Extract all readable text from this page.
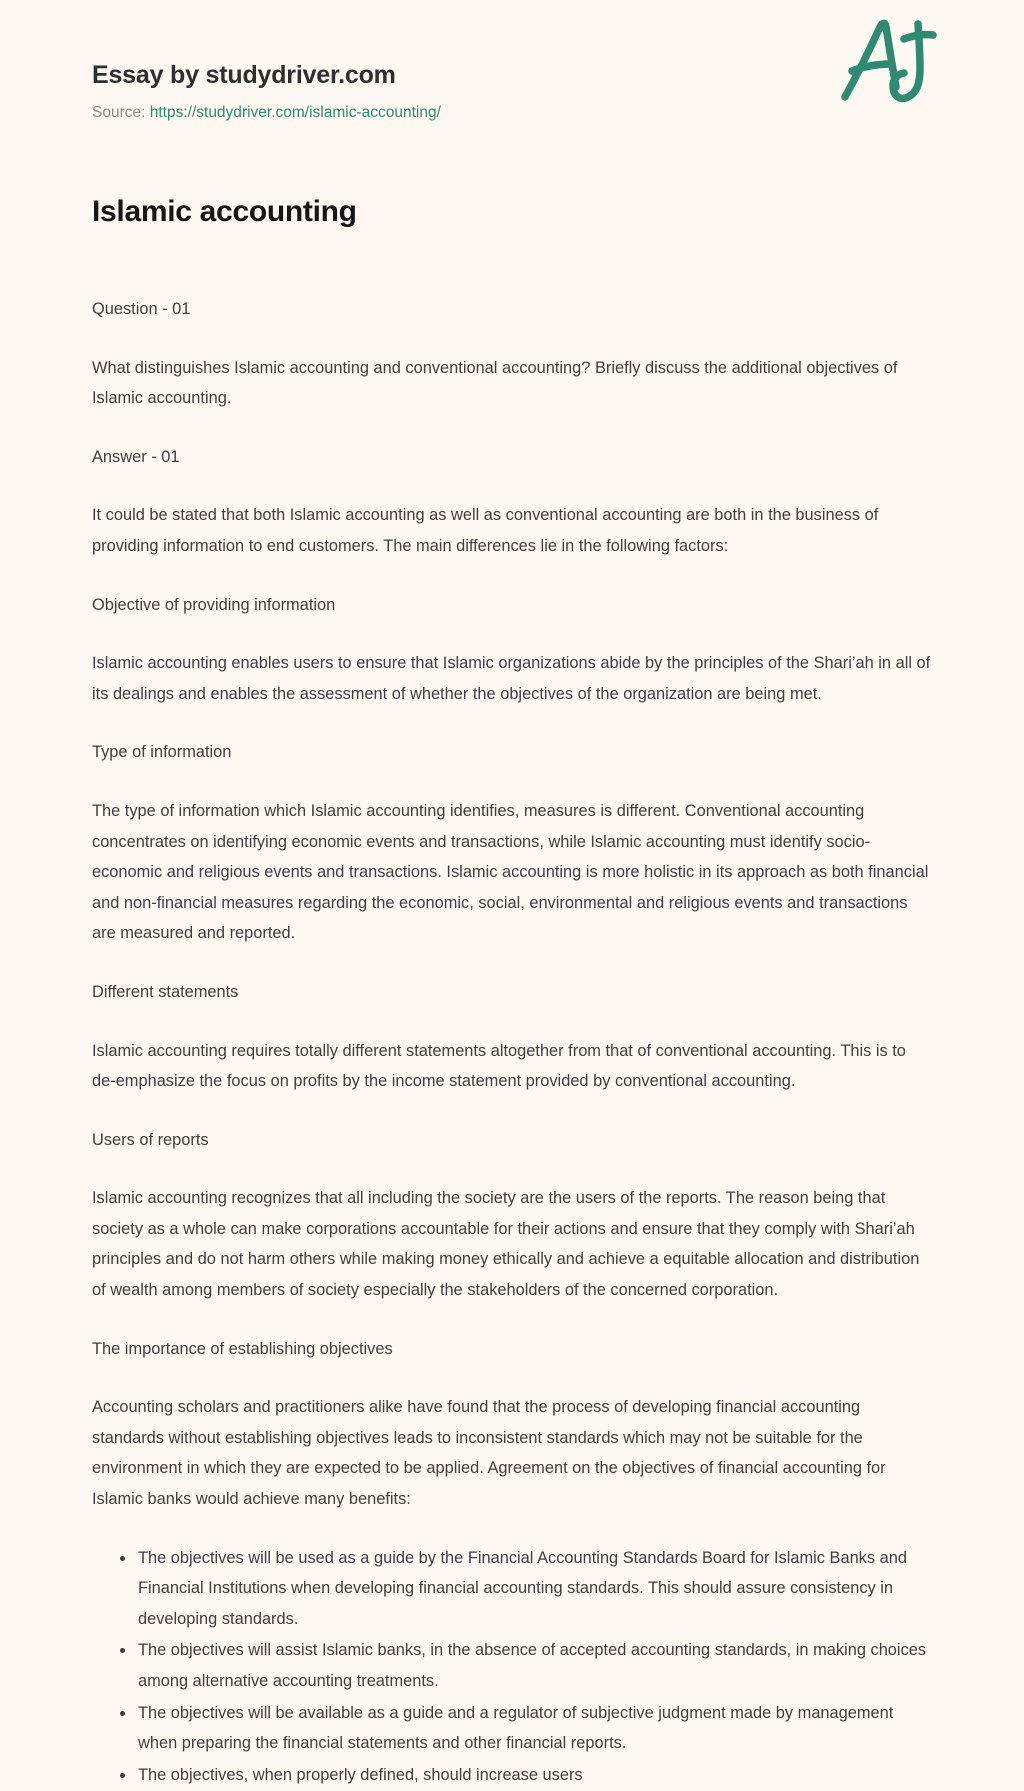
Essay by studydriver.com
Source: https://studydriver.com/islamic-accounting/
Islamic accounting

Question - 01

What distinguishes Islamic accounting and conventional accounting? Briefly discuss the additional objectives of Islamic accounting.

Answer - 01

It could be stated that both Islamic accounting as well as conventional accounting are both in the business of providing information to end customers. The main differences lie in the following factors:

Objective of providing information

Islamic accounting enables users to ensure that Islamic organizations abide by the principles of the Shari’ah in all of its dealings and enables the assessment of whether the objectives of the organization are being met.

Type of information

The type of information which Islamic accounting identifies, measures is different. Conventional accounting concentrates on identifying economic events and transactions, while Islamic accounting must identify socio-economic and religious events and transactions. Islamic accounting is more holistic in its approach as both financial and non-financial measures regarding the economic, social, environmental and religious events and transactions are measured and reported.

Different statements

Islamic accounting requires totally different statements altogether from that of conventional accounting. This is to de-emphasize the focus on profits by the income statement provided by conventional accounting.

Users of reports

Islamic accounting recognizes that all including the society are the users of the reports. The reason being that society as a whole can make corporations accountable for their actions and ensure that they comply with Shari’ah principles and do not harm others while making money ethically and achieve a equitable allocation and distribution of wealth among members of society especially the stakeholders of the concerned corporation.

The importance of establishing objectives

Accounting scholars and practitioners alike have found that the process of developing financial accounting standards without establishing objectives leads to inconsistent standards which may not be suitable for the environment in which they are expected to be applied. Agreement on the objectives of financial accounting for Islamic banks would achieve many benefits:

The objectives will be used as a guide by the Financial Accounting Standards Board for Islamic Banks and Financial Institutions when developing financial accounting standards. This should assure consistency in developing standards.
The objectives will assist Islamic banks, in the absence of accepted accounting standards, in making choices among alternative accounting treatments.
The objectives will be available as a guide and a regulator of subjective judgment made by management when preparing the financial statements and other financial reports.
The objectives, when properly defined, should increase users
